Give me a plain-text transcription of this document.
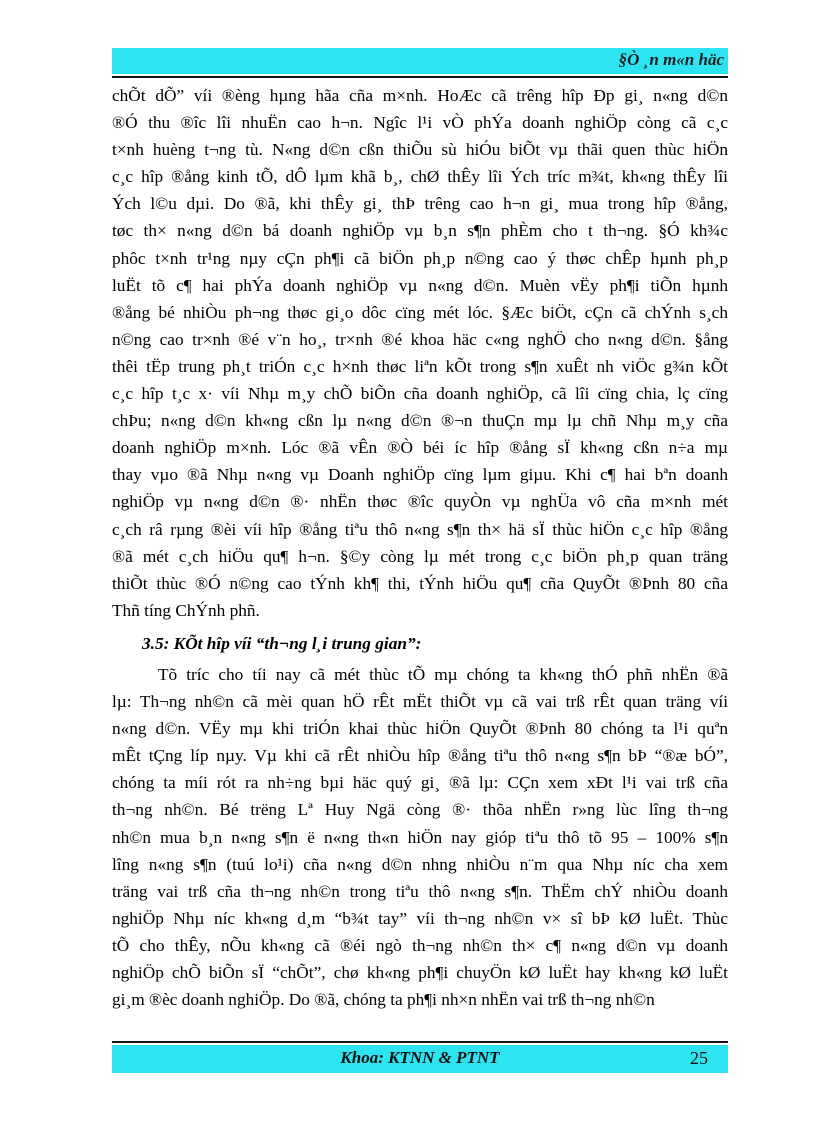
§Ò ¸n m«n häc
chÕt dÕ” víi ®èng hµng hãa cña m×nh. HoÆc cã trêng hîp Ðp gi¸ n«ng d©n
®Ó thu ®îc lîi nhuËn cao h¬n. Ngîc l¹i vÒ phÝa doanh nghiÖp còng cã c¸c
t×nh huèng t¬ng tù. N«ng d©n cßn thiÕu sù hiÓu biÕt vµ thãi quen thùc hiÖn
c¸c hîp ®ång kinh tÕ, dÔ lµm khã b¸, chØ thÊy lîi Ých tríc m¾t, kh«ng thÊy lîi
Ých l©u dµi. Do ®ã, khi thÊy gi¸ thÞ trêng cao h¬n gi¸ mua trong hîp ®ång,
tøc th× n«ng d©n bá doanh nghiÖp vµ b¸n s¶n phÈm cho t th¬ng. §Ó kh¾c
phôc t×nh tr¹ng nµy cÇn ph¶i cã biÖn ph¸p n©ng cao ý thøc chÊp hµnh ph¸p
luËt tõ c¶ hai phÝa doanh nghiÖp vµ n«ng d©n. Muèn vËy ph¶i tiÕn hµnh
®ång bé nhiÒu ph¬ng thøc gi¸o dôc cïng mét lóc. §Æc biÖt, cÇn cã chÝnh s¸ch
n©ng cao tr×nh ®é v¨n ho¸, tr×nh ®é khoa häc c«ng nghÖ cho n«ng d©n. §ång
thêi tËp trung ph¸t triÓn c¸c h×nh thøc liªn kÕt trong s¶n xuÊt nh viÖc g¾n kÕt
c¸c hîp t¸c x· víi Nhµ m¸y chÕ biÕn cña doanh nghiÖp, cã lîi cïng chia, lç cïng
chÞu; n«ng d©n kh«ng cßn lµ n«ng d©n ®¬n thuÇn mµ lµ chñ Nhµ m¸y cña
doanh nghiÖp m×nh. Lóc ®ã vÊn ®Ò béi íc hîp ®ång sÏ kh«ng cßn n÷a mµ
thay vµo ®ã Nhµ n«ng vµ Doanh nghiÖp cïng lµm giµu. Khi c¶ hai bªn doanh
nghiÖp vµ n«ng d©n ®· nhËn thøc ®îc quyÒn vµ nghÜa vô cña m×nh mét
c¸ch râ rµng ®èi víi hîp ®ång tiªu thô n«ng s¶n th× hä sÏ thùc hiÖn c¸c hîp ®ång
®ã mét c¸ch hiÖu qu¶ h¬n. §©y còng lµ mét trong c¸c biÖn ph¸p quan träng
thiÕt thùc ®Ó n©ng cao tÝnh kh¶ thi, tÝnh hiÖu qu¶ cña QuyÕt ®Þnh 80 cña
Thñ tíng ChÝnh phñ.
3.5: KÕt hîp víi “th¬ng l¸i trung gian”:
Tõ tríc cho tíi nay cã mét thùc tÕ mµ chóng ta kh«ng thÓ phñ nhËn ®ã
lµ: Th¬ng nh©n cã mèi quan hÖ rÊt mËt thiÕt vµ cã vai trß rÊt quan träng víi
n«ng d©n. VËy mµ khi triÓn khai thùc hiÖn QuyÕt ®Þnh 80 chóng ta l¹i quªn
mÊt tÇng líp nµy. Vµ khi cã rÊt nhiÒu hîp ®ång tiªu thô n«ng s¶n bÞ “®æ bÓ”,
chóng ta míi rót ra nh÷ng bµi häc quý gi¸ ®ã lµ: CÇn xem xÐt l¹i vai trß cña
th¬ng nh©n. Bé trëng Lª Huy Ngä còng ®· thõa nhËn r»ng lùc lîng th¬ng
nh©n mua b¸n n«ng s¶n ë n«ng th«n hiÖn nay gióp tiªu thô tõ 95 – 100% s¶n
lîng n«ng s¶n (tuú lo¹i) cña n«ng d©n nhng nhiÒu n¨m qua Nhµ níc cha xem
träng vai trß cña th¬ng nh©n trong tiªu thô n«ng s¶n. ThËm chÝ nhiÒu doanh
nghiÖp Nhµ níc kh«ng d¸m “b¾t tay” víi th¬ng nh©n v× sî bÞ kØ luËt. Thùc
tÕ cho thÊy, nÕu kh«ng cã ®éi ngò th¬ng nh©n th× c¶ n«ng d©n vµ doanh
nghiÖp chÕ biÕn sÏ “chÕt”, chø kh«ng ph¶i chuyÖn kØ luËt hay kh«ng kØ luËt
gi¸m ®èc doanh nghiÖp. Do ®ã, chóng ta ph¶i nh×n nhËn vai trß th¬ng nh©n
Khoa: KTNN & PTNT	25
